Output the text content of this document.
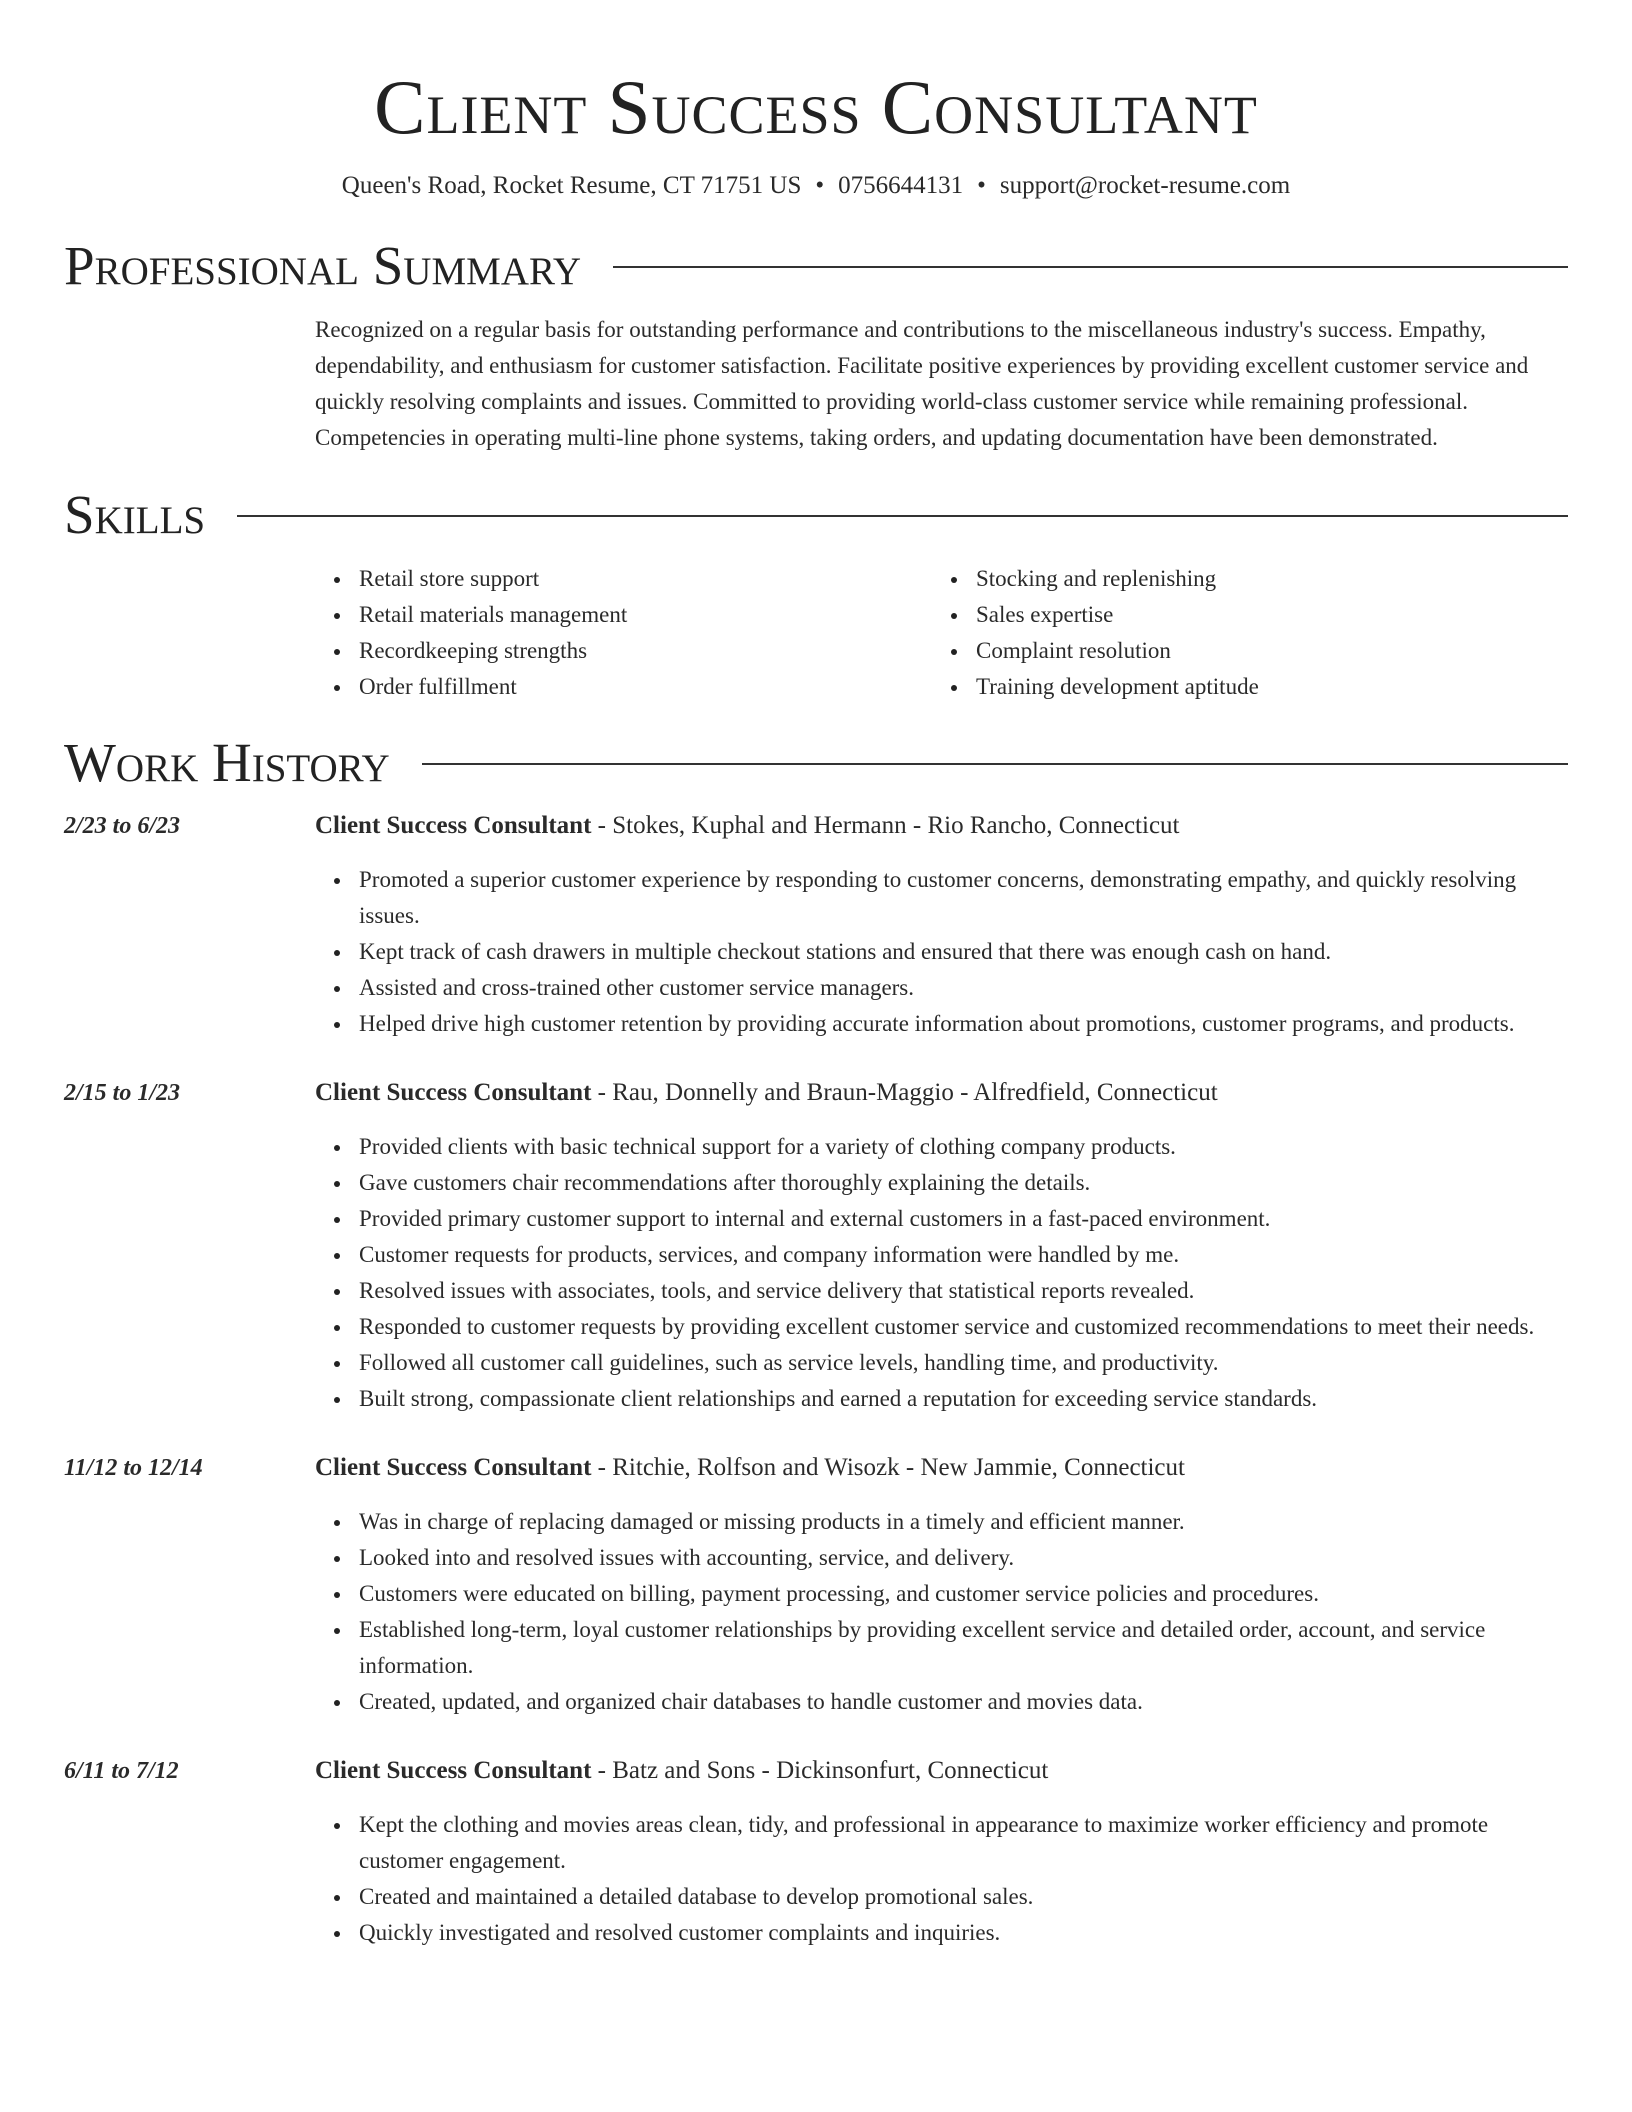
Client Success Consultant
Queen's Road, Rocket Resume, CT 71751 US • 0756644131 • support@rocket-resume.com
Professional Summary
Recognized on a regular basis for outstanding performance and contributions to the miscellaneous industry's success. Empathy, dependability, and enthusiasm for customer satisfaction. Facilitate positive experiences by providing excellent customer service and quickly resolving complaints and issues. Committed to providing world-class customer service while remaining professional. Competencies in operating multi-line phone systems, taking orders, and updating documentation have been demonstrated.
Skills
Retail store support
Retail materials management
Recordkeeping strengths
Order fulfillment
Stocking and replenishing
Sales expertise
Complaint resolution
Training development aptitude
Work History
2/23 to 6/23	Client Success Consultant - Stokes, Kuphal and Hermann - Rio Rancho, Connecticut
Promoted a superior customer experience by responding to customer concerns, demonstrating empathy, and quickly resolving issues.
Kept track of cash drawers in multiple checkout stations and ensured that there was enough cash on hand.
Assisted and cross-trained other customer service managers.
Helped drive high customer retention by providing accurate information about promotions, customer programs, and products.
2/15 to 1/23	Client Success Consultant - Rau, Donnelly and Braun-Maggio - Alfredfield, Connecticut
Provided clients with basic technical support for a variety of clothing company products.
Gave customers chair recommendations after thoroughly explaining the details.
Provided primary customer support to internal and external customers in a fast-paced environment.
Customer requests for products, services, and company information were handled by me.
Resolved issues with associates, tools, and service delivery that statistical reports revealed.
Responded to customer requests by providing excellent customer service and customized recommendations to meet their needs.
Followed all customer call guidelines, such as service levels, handling time, and productivity.
Built strong, compassionate client relationships and earned a reputation for exceeding service standards.
11/12 to 12/14	Client Success Consultant - Ritchie, Rolfson and Wisozk - New Jammie, Connecticut
Was in charge of replacing damaged or missing products in a timely and efficient manner.
Looked into and resolved issues with accounting, service, and delivery.
Customers were educated on billing, payment processing, and customer service policies and procedures.
Established long-term, loyal customer relationships by providing excellent service and detailed order, account, and service information.
Created, updated, and organized chair databases to handle customer and movies data.
6/11 to 7/12	Client Success Consultant - Batz and Sons - Dickinsonfurt, Connecticut
Kept the clothing and movies areas clean, tidy, and professional in appearance to maximize worker efficiency and promote customer engagement.
Created and maintained a detailed database to develop promotional sales.
Quickly investigated and resolved customer complaints and inquiries.
